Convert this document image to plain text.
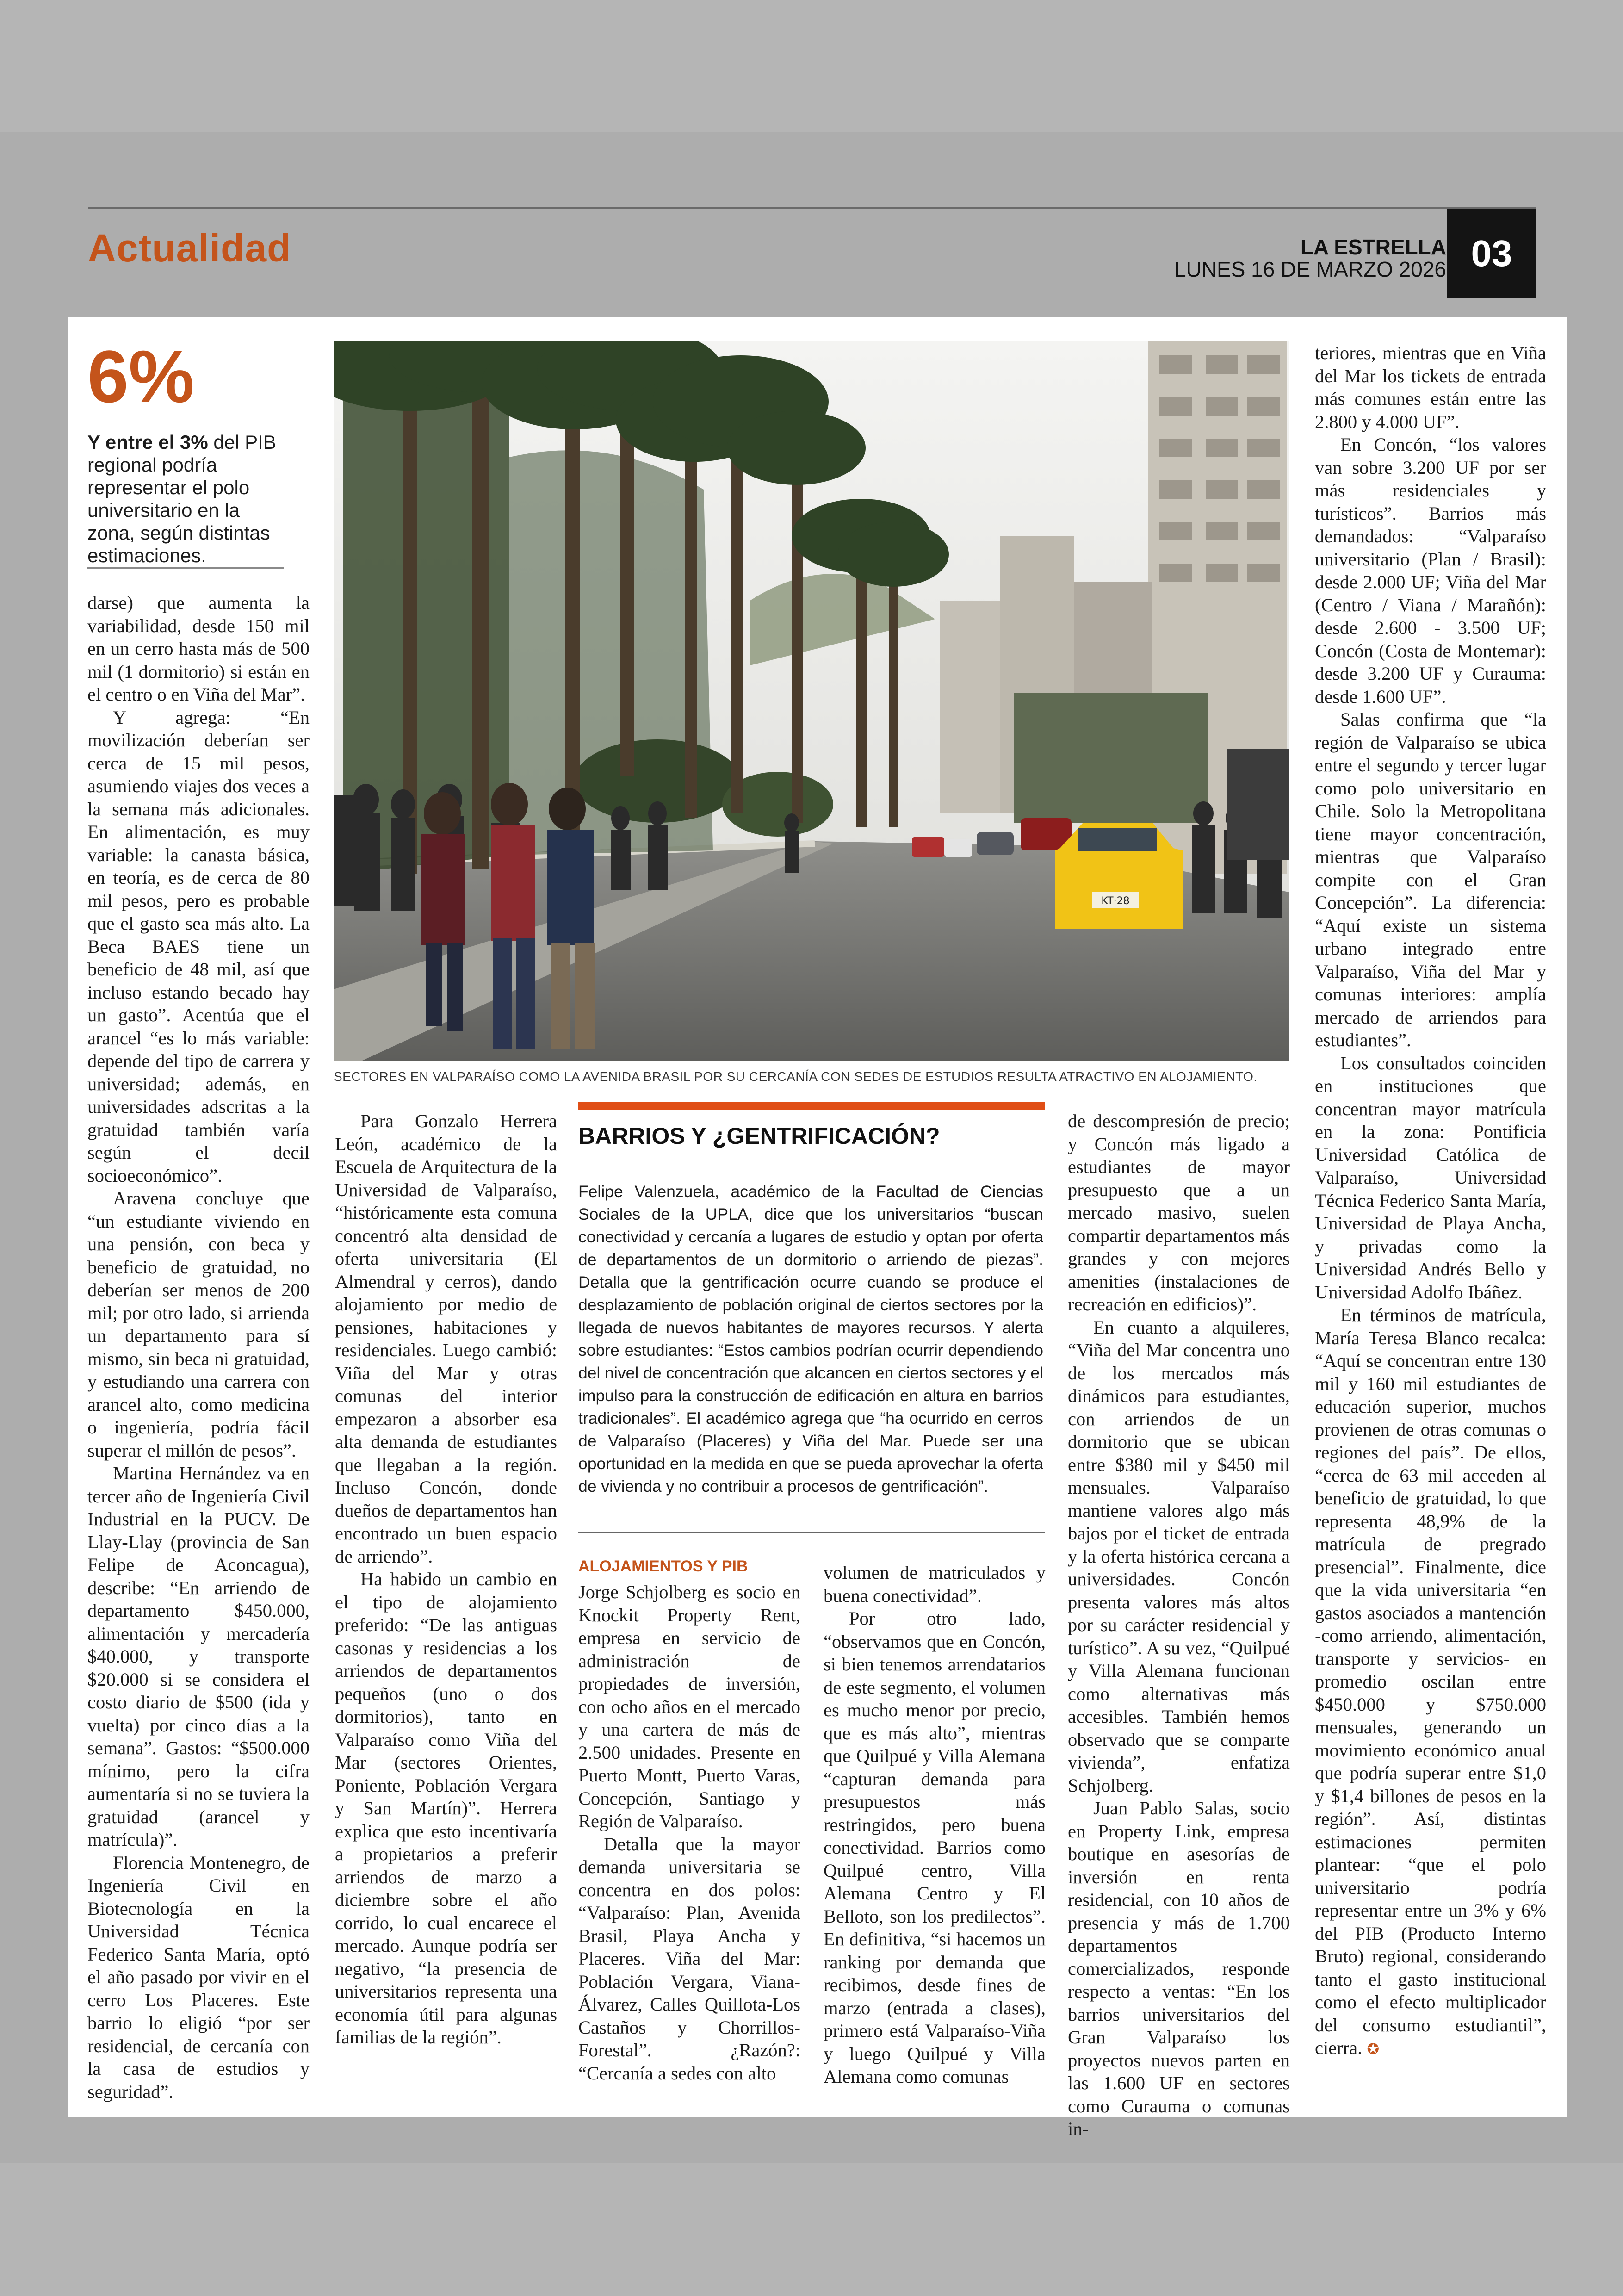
Actualidad	LA ESTRELLA
LUNES 16 DE MARZO 2026 03
6%
Y entre el 3% del PIB regional podría representar el polo universitario en la zona, según distintas estimaciones.

darse) que aumenta la variabilidad, desde 150 mil en un cerro hasta más de 500 mil (1 dormitorio) si están en el centro o en Viña del Mar”.

Y agrega: “En movilización deberían ser cerca de 15 mil pesos, asumiendo viajes dos veces a la semana más adicionales. En alimentación, es muy variable: la canasta básica, en teoría, es de cerca de 80 mil pesos, pero es probable que el gasto sea más alto. La Beca BAES tiene un beneficio de 48 mil, así que incluso estando becado hay un gasto”. Acentúa que el arancel “es lo más variable: depende del tipo de carrera y universidad; además, en universidades adscritas a la gratuidad también varía según el decil socioeconómico”.

Aravena concluye que “un estudiante viviendo en una pensión, con beca y beneficio de gratuidad, no deberían ser menos de 200 mil; por otro lado, si arrienda un departamento para sí mismo, sin beca ni gratuidad, y estudiando una carrera con arancel alto, como medicina o ingeniería, podría fácil superar el millón de pesos”.

Martina Hernández va en tercer año de Ingeniería Civil Industrial en la PUCV. De Llay-Llay (provincia de San Felipe de Aconcagua), describe: “En arriendo de departamento $450.000, alimentación y mercadería $40.000, y transporte $20.000 si se considera el costo diario de $500 (ida y vuelta) por cinco días a la semana”. Gastos: “$500.000 mínimo, pero la cifra aumentaría si no se tuviera la gratuidad (arancel y matrícula)”.

Florencia Montenegro, de Ingeniería Civil en Biotecnología en la Universidad Técnica Federico Santa María, optó el año pasado por vivir en el cerro Los Placeres. Este barrio lo eligió “por ser residencial, de cercanía con la casa de estudios y seguridad”.

KT·28
SECTORES EN VALPARAÍSO COMO LA AVENIDA BRASIL POR SU CERCANÍA CON SEDES DE ESTUDIOS RESULTA ATRACTIVO EN ALOJAMIENTO.

Para Gonzalo Herrera León, académico de la Escuela de Arquitectura de la Universidad de Valparaíso, “históricamente esta comuna concentró alta densidad de oferta universitaria (El Almendral y cerros), dando alojamiento por medio de pensiones, habitaciones y residenciales. Luego cambió: Viña del Mar y otras comunas del interior empezaron a absorber esa alta demanda de estudiantes que llegaban a la región. Incluso Concón, donde dueños de departamentos han encontrado un buen espacio de arriendo”.

Ha habido un cambio en el tipo de alojamiento preferido: “De las antiguas casonas y residencias a los arriendos de departamentos pequeños (uno o dos dormitorios), tanto en Valparaíso como Viña del Mar (sectores Orientes, Poniente, Población Vergara y San Martín)”. Herrera explica que esto incentivaría a propietarios a preferir arriendos de marzo a diciembre sobre el año corrido, lo cual encarece el mercado. Aunque podría ser negativo, “la presencia de universitarios representa una economía útil para algunas familias de la región”.

BARRIOS Y ¿GENTRIFICACIÓN?
Felipe Valenzuela, académico de la Facultad de Ciencias Sociales de la UPLA, dice que los universitarios “buscan conectividad y cercanía a lugares de estudio y optan por oferta de departamentos de un dormitorio o arriendo de piezas”. Detalla que la gentrificación ocurre cuando se produce el desplazamiento de población original de ciertos sectores por la llegada de nuevos habitantes de mayores recursos. Y alerta sobre estudiantes: “Estos cambios podrían ocurrir dependiendo del nivel de concentración que alcancen en ciertos sectores y el impulso para la construcción de edificación en altura en barrios tradicionales”. El académico agrega que “ha ocurrido en cerros de Valparaíso (Placeres) y Viña del Mar. Puede ser una oportunidad en la medida en que se pueda aprovechar la oferta de vivienda y no contribuir a procesos de gentrificación”.
ALOJAMIENTOS Y PIB

Jorge Schjolberg es socio en Knockit Property Rent, empresa en servicio de administración de propiedades de inversión, con ocho años en el mercado y una cartera de más de 2.500 unidades. Presente en Puerto Montt, Puerto Varas, Concepción, Santiago y Región de Valparaíso.

Detalla que la mayor demanda universitaria se concentra en dos polos: “Valparaíso: Plan, Avenida Brasil, Playa Ancha y Placeres. Viña del Mar: Población Vergara, Viana-Álvarez, Calles Quillota-Los Castaños y Chorrillos-Forestal”. ¿Razón?: “Cercanía a sedes con alto

volumen de matriculados y buena conectividad”.

Por otro lado, “observamos que en Concón, si bien tenemos arrendatarios de este segmento, el volumen es mucho menor por precio, que es más alto”, mientras que Quilpué y Villa Alemana “capturan demanda para presupuestos más restringidos, pero buena conectividad. Barrios como Quilpué centro, Villa Alemana Centro y El Belloto, son los predilectos”. En definitiva, “si hacemos un ranking por demanda que recibimos, desde fines de marzo (entrada a clases), primero está Valparaíso-Viña y luego Quilpué y Villa Alemana como comunas

de descompresión de precio; y Concón más ligado a estudiantes de mayor presupuesto que a un mercado masivo, suelen compartir departamentos más grandes y con mejores amenities (instalaciones de recreación en edificios)”.

En cuanto a alquileres, “Viña del Mar concentra uno de los mercados más dinámicos para estudiantes, con arriendos de un dormitorio que se ubican entre $380 mil y $450 mil mensuales. Valparaíso mantiene valores algo más bajos por el ticket de entrada y la oferta histórica cercana a universidades. Concón presenta valores más altos por su carácter residencial y turístico”. A su vez, “Quilpué y Villa Alemana funcionan como alternativas más accesibles. También hemos observado que se comparte vivienda”, enfatiza Schjolberg.

Juan Pablo Salas, socio en Property Link, empresa boutique en asesorías de inversión en renta residencial, con 10 años de presencia y más de 1.700 departamentos comercializados, responde respecto a ventas: “En los barrios universitarios del Gran Valparaíso los proyectos nuevos parten en las 1.600 UF en sectores como Curauma o comunas in-

teriores, mientras que en Viña del Mar los tickets de entrada más comunes están entre las 2.800 y 4.000 UF”.

En Concón, “los valores van sobre 3.200 UF por ser más residenciales y turísticos”. Barrios más demandados: “Valparaíso universitario (Plan / Brasil): desde 2.000 UF; Viña del Mar (Centro / Viana / Marañón): desde 2.600 - 3.500 UF; Concón (Costa de Montemar): desde 3.200 UF y Curauma: desde 1.600 UF”.

Salas confirma que “la región de Valparaíso se ubica entre el segundo y tercer lugar como polo universitario en Chile. Solo la Metropolitana tiene mayor concentración, mientras que Valparaíso compite con el Gran Concepción”. La diferencia: “Aquí existe un sistema urbano integrado entre Valparaíso, Viña del Mar y comunas interiores: amplía mercado de arriendos para estudiantes”.

Los consultados coinciden en instituciones que concentran mayor matrícula en la zona: Pontificia Universidad Católica de Valparaíso, Universidad Técnica Federico Santa María, Universidad de Playa Ancha, y privadas como la Universidad Andrés Bello y Universidad Adolfo Ibáñez.

En términos de matrícula, María Teresa Blanco recalca: “Aquí se concentran entre 130 mil y 160 mil estudiantes de educación superior, muchos provienen de otras comunas o regiones del país”. De ellos, “cerca de 63 mil acceden al beneficio de gratuidad, lo que representa 48,9% de la matrícula de pregrado presencial”. Finalmente, dice que la vida universitaria “en gastos asociados a mantención -como arriendo, alimentación, transporte y servicios- en promedio oscilan entre $450.000 y $750.000 mensuales, generando un movimiento económico anual que podría superar entre $1,0 y $1,4 billones de pesos en la región”. Así, distintas estimaciones permiten plantear: “que el polo universitario podría representar entre un 3% y 6% del PIB (Producto Interno Bruto) regional, considerando tanto el gasto institucional como el efecto multiplicador del consumo estudiantil”, cierra. ✪
